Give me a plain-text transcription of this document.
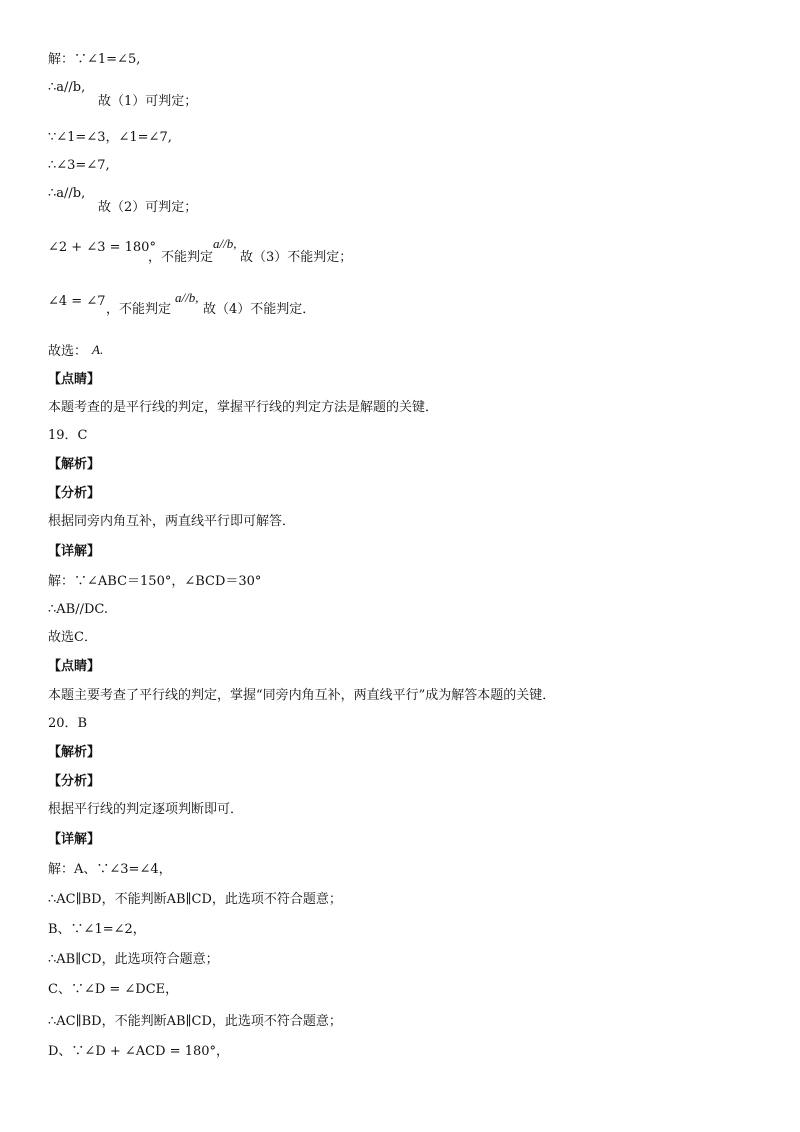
解：∵∠1=∠5,
∴a//b,
故（1）可判定；
∵∠1=∠3，∠1=∠7,
∴∠3=∠7,
∴a//b,
故（2）可判定；
∠2 + ∠3 = 180°
，不能判定
a//b,
故（3）不能判定；
∠4 = ∠7
，不能判定
a//b,
故（4）不能判定．
故选： A.
【点睛】
本题考查的是平行线的判定，掌握平行线的判定方法是解题的关键．
19．C
【解析】
【分析】
根据同旁内角互补，两直线平行即可解答．
【详解】
解：∵∠ABC＝150°，∠BCD＝30°
∴AB//DC.
故选C．
【点睛】
本题主要考查了平行线的判定，掌握“同旁内角互补，两直线平行”成为解答本题的关键．
20．B
【解析】
【分析】
根据平行线的判定逐项判断即可．
【详解】
解：A、∵∠3=∠4，
∴AC∥BD，不能判断AB∥CD，此选项不符合题意；
B、∵∠1=∠2，
∴AB∥CD，此选项符合题意；
C、∵∠D = ∠DCE，
∴AC∥BD，不能判断AB∥CD，此选项不符合题意；
D、∵∠D + ∠ACD = 180°，
